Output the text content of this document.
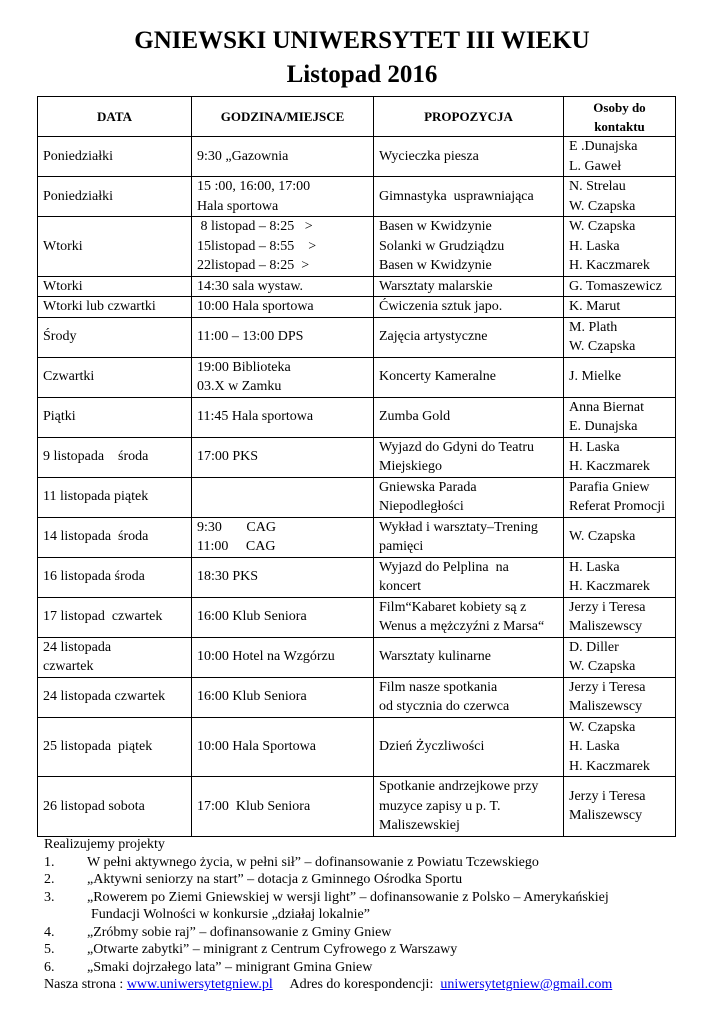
GNIEWSKI UNIWERSYTET III WIEKU
Listopad 2016
DATA	GODZINA/MIEJSCE	PROPOZYCJA	Osoby do kontaktu

Poniedziałki	9:30 „Gazownia	Wycieczka piesza	E .Dunajska
L. Gaweł

Poniedziałki	15 :00, 16:00, 17:00
Hala sportowa	Gimnastyka  usprawniająca	N. Strelau
W. Czapska

Wtorki	8 listopad – 8:25   >
15listopad – 8:55    >
22listopad – 8:25  >	Basen w Kwidzynie
Solanki w Grudziądzu
Basen w Kwidzynie	W. Czapska
H. Laska
H. Kaczmarek

Wtorki	14:30 sala wystaw.	Warsztaty malarskie	G. Tomaszewicz

Wtorki lub czwartki	10:00 Hala sportowa	Ćwiczenia sztuk japo.	K. Marut

Środy	11:00 – 13:00 DPS	Zajęcia artystyczne	M. Plath
W. Czapska

Czwartki	19:00 Biblioteka
03.X w Zamku	Koncerty Kameralne	J. Mielke

Piątki	11:45 Hala sportowa	Zumba Gold	Anna Biernat
E. Dunajska

9 listopada    środa	17:00 PKS	Wyjazd do Gdyni do Teatru
Miejskiego	H. Laska
H. Kaczmarek

11 listopada piątek		Gniewska Parada
Niepodległości	Parafia Gniew
Referat Promocji

14 listopada  środa	9:30       CAG
11:00     CAG	Wykład i warsztaty–Trening
pamięci	W. Czapska

16 listopada środa	18:30 PKS	Wyjazd do Pelplina  na
koncert	H. Laska
H. Kaczmarek

17 listopad  czwartek	16:00 Klub Seniora	Film“Kabaret kobiety są z
Wenus a mężczyźni z Marsa“	Jerzy i Teresa
Maliszewscy

24 listopada
czwartek	10:00 Hotel na Wzgórzu	Warsztaty kulinarne	D. Diller
W. Czapska

24 listopada czwartek	16:00 Klub Seniora	Film nasze spotkania
od stycznia do czerwca	Jerzy i Teresa
Maliszewscy

25 listopada  piątek	10:00 Hala Sportowa	Dzień Życzliwości	W. Czapska
H. Laska
H. Kaczmarek

26 listopad sobota	17:00  Klub Seniora	Spotkanie andrzejkowe przy
muzyce zapisy u p. T.
Maliszewskiej	Jerzy i Teresa
Maliszewscy
Realizujemy projekty
1.	W pełni aktywnego życia, w pełni sił” – dofinansowanie z Powiatu Tczewskiego
2.	„Aktywni seniorzy na start” – dotacja z Gminnego Ośrodka Sportu
3.	„Rowerem po Ziemi Gniewskiej w wersji light” – dofinansowanie z Polsko – Amerykańskiej
Fundacji Wolności w konkursie „działaj lokalnie”
4.	„Zróbmy sobie raj” – dofinansowanie z Gminy Gniew
5.	„Otwarte zabytki” – minigrant z Centrum Cyfrowego z Warszawy
6.	„Smaki dojrzałego lata” – minigrant Gmina Gniew
Nasza strona : www.uniwersytetgniew.pl Adres do korespondencji:  uniwersytetgniew@gmail.com
